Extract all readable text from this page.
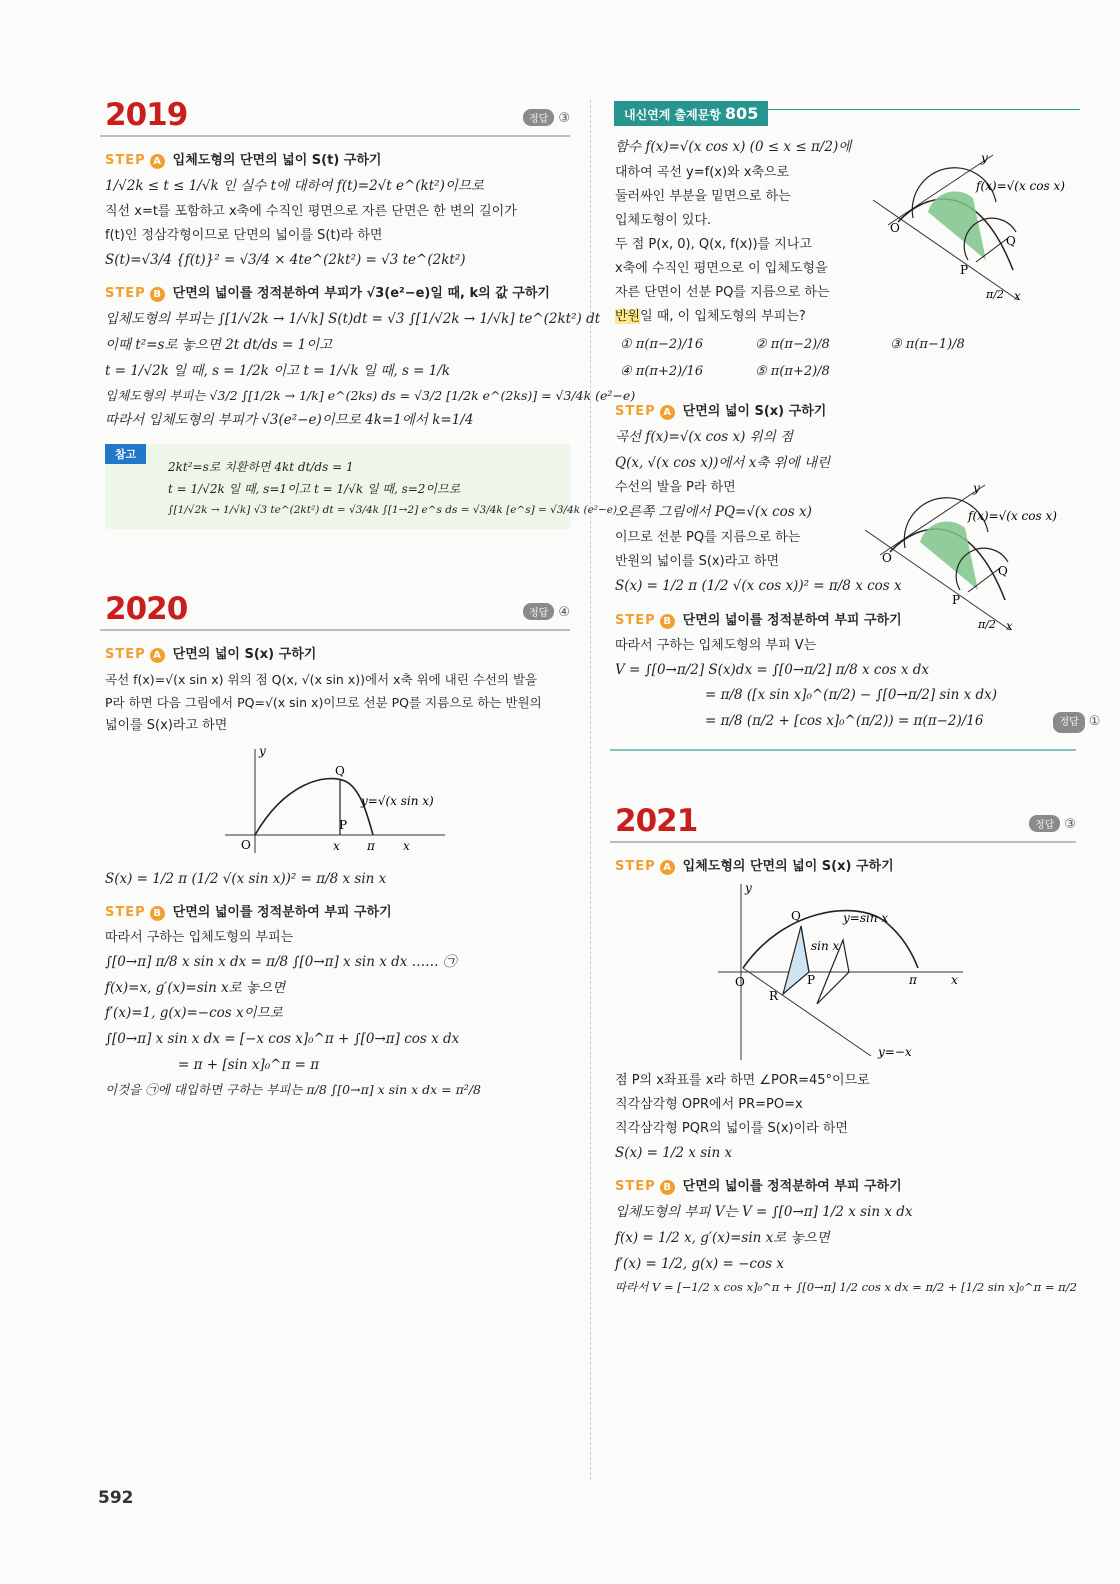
2019	정답 ③
STEP A 입체도형의 단면의 넓이 S(t) 구하기
1/√2k ≤ t ≤ 1/√k 인 실수 t에 대하여 f(t)=2√t e^(kt²)이므로
직선 x=t를 포함하고 x축에 수직인 평면으로 자른 단면은 한 변의 길이가
f(t)인 정삼각형이므로 단면의 넓이를 S(t)라 하면
S(t)=√3/4 {f(t)}² = √3/4 × 4te^(2kt²) = √3 te^(2kt²)
STEP B 단면의 넓이를 정적분하여 부피가 √3(e²−e)일 때, k의 값 구하기
입체도형의 부피는 ∫[1/√2k → 1/√k] S(t)dt = √3 ∫[1/√2k → 1/√k] te^(2kt²) dt
이때 t²=s로 놓으면 2t dt/ds = 1이고
t = 1/√2k 일 때, s = 1/2k 이고 t = 1/√k 일 때, s = 1/k
입체도형의 부피는 √3/2 ∫[1/2k → 1/k] e^(2ks) ds = √3/2 [1/2k e^(2ks)] = √3/4k (e²−e)
따라서 입체도형의 부피가 √3(e²−e)이므로 4k=1에서 k=1/4
참고
2kt²=s로 치환하면 4kt dt/ds = 1
t = 1/√2k 일 때, s=1이고 t = 1/√k 일 때, s=2이므로
∫[1/√2k → 1/√k] √3 te^(2kt²) dt = √3/4k ∫[1→2] e^s ds = √3/4k [e^s] = √3/4k (e²−e)
2020	정답 ④
STEP A 단면의 넓이 S(x) 구하기
곡선 f(x)=√(x sin x) 위의 점 Q(x, √(x sin x))에서 x축 위에 내린 수선의 발을
P라 하면 다음 그림에서 PQ=√(x sin x)이므로 선분 PQ를 지름으로 하는 반원의
넓이를 S(x)라고 하면
y
O
Q
P
x π x
y=√(x sin x)
S(x) = 1/2 π (1/2 √(x sin x))² = π/8 x sin x
STEP B 단면의 넓이를 정적분하여 부피 구하기
따라서 구하는 입체도형의 부피는
∫[0→π] π/8 x sin x dx = π/8 ∫[0→π] x sin x dx …… ㉠
f(x)=x, g′(x)=sin x로 놓으면
f′(x)=1, g(x)=−cos x이므로
∫[0→π] x sin x dx = [−x cos x]₀^π + ∫[0→π] cos x dx
= π + [sin x]₀^π = π
이것을 ㉠에 대입하면 구하는 부피는 π/8 ∫[0→π] x sin x dx = π²/8
내신연계 출제문항 805
함수 f(x)=√(x cos x) (0 ≤ x ≤ π/2)에
대하여 곡선 y=f(x)와 x축으로
둘러싸인 부분을 밑면으로 하는
입체도형이 있다.
두 점 P(x, 0), Q(x, f(x))를 지나고
x축에 수직인 평면으로 이 입체도형을
자른 단면이 선분 PQ를 지름으로 하는
반원일 때, 이 입체도형의 부피는?
① π(π−2)/16	② π(π−2)/8	③ π(π−1)/8
④ π(π+2)/16	⑤ π(π+2)/8
STEP A 단면의 넓이 S(x) 구하기
곡선 f(x)=√(x cos x) 위의 점
Q(x, √(x cos x))에서 x축 위에 내린
수선의 발을 P라 하면
오른쪽 그림에서 PQ=√(x cos x)
이므로 선분 PQ를 지름으로 하는
반원의 넓이를 S(x)라고 하면
S(x) = 1/2 π (1/2 √(x cos x))² = π/8 x cos x
STEP B 단면의 넓이를 정적분하여 부피 구하기
따라서 구하는 입체도형의 부피 V는
V = ∫[0→π/2] S(x)dx = ∫[0→π/2] π/8 x cos x dx
= π/8 ([x sin x]₀^(π/2) − ∫[0→π/2] sin x dx)
= π/8 (π/2 + [cos x]₀^(π/2)) = π(π−2)/16	정답 ①
2021	정답 ③
STEP A 입체도형의 단면의 넓이 S(x) 구하기
y
O
Q
P
R
π	x
y=sin x
sin x
y=−x
점 P의 x좌표를 x라 하면 ∠POR=45°이므로
직각삼각형 OPR에서 PR=PO=x
직각삼각형 PQR의 넓이를 S(x)이라 하면
S(x) = 1/2 x sin x
STEP B 단면의 넓이를 정적분하여 부피 구하기
입체도형의 부피 V는 V = ∫[0→π] 1/2 x sin x dx
f(x) = 1/2 x, g′(x)=sin x로 놓으면
f′(x) = 1/2, g(x) = −cos x
따라서 V = [−1/2 x cos x]₀^π + ∫[0→π] 1/2 cos x dx = π/2 + [1/2 sin x]₀^π = π/2
O
y
Q
P
π/2 x
f(x)=√(x cos x)
O
y
Q
P
π/2 x
f(x)=√(x cos x)
592
